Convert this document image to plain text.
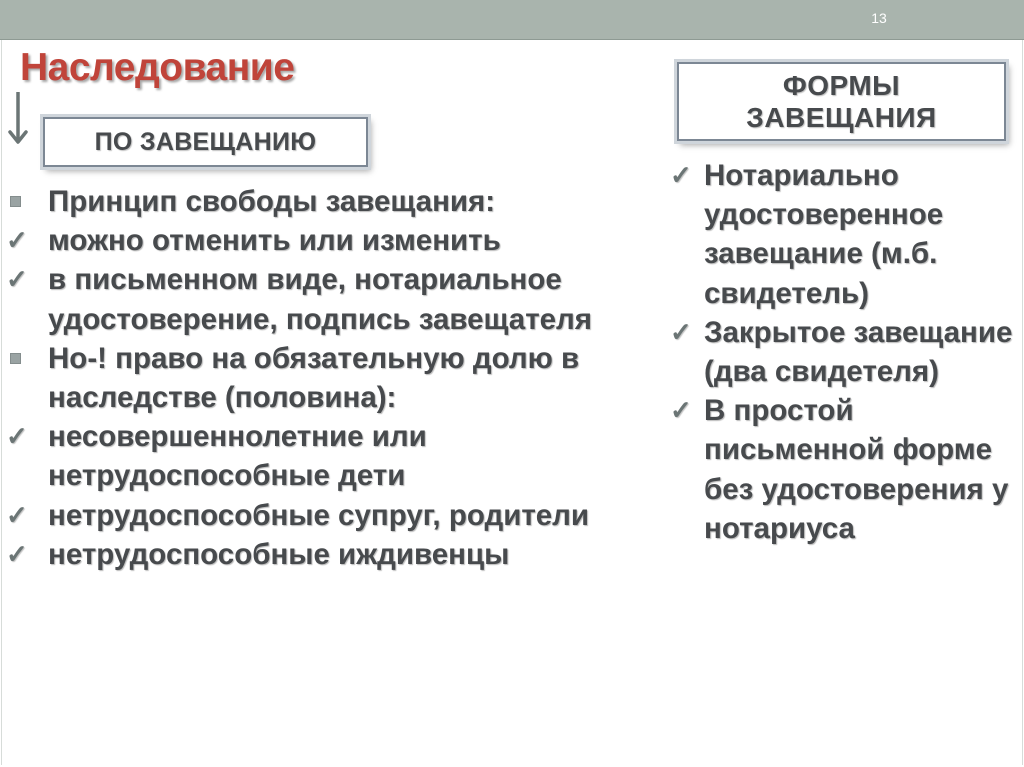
13
Наследование
ПО ЗАВЕЩАНИЮ
ФОРМЫ ЗАВЕЩАНИЯ
Принцип свободы завещания:
✓ можно отменить или изменить
✓ в письменном виде, нотариальное удостоверение, подпись завещателя
Но-! право на обязательную долю в наследстве (половина):
✓ несовершеннолетние или нетрудоспособные дети
✓ нетрудоспособные супруг, родители
✓ нетрудоспособные иждивенцы
✓ Нотариально удостоверенное завещание (м.б. свидетель)
✓ Закрытое завещание (два свидетеля)
✓ В простой письменной форме без удостоверения у нотариуса
